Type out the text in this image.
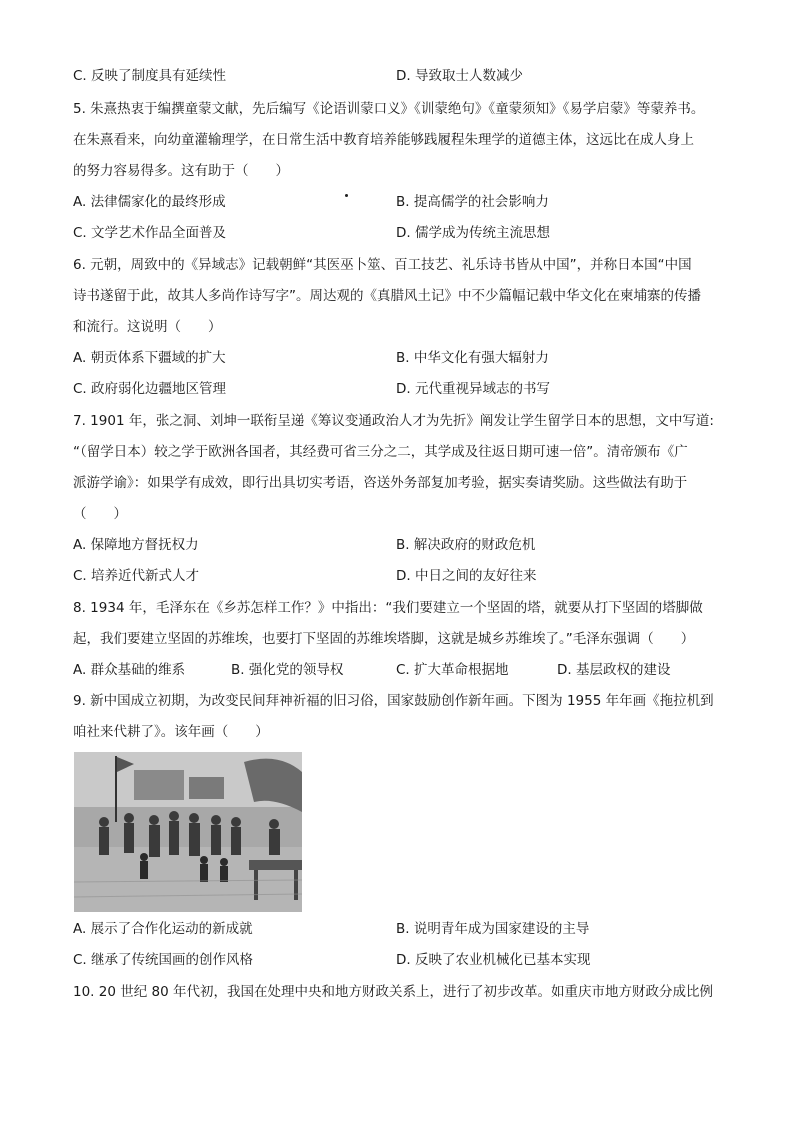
C. 反映了制度具有延续性	D. 导致取士人数减少
5. 朱熹热衷于编撰童蒙文献，先后编写《论语训蒙口义》《训蒙绝句》《童蒙须知》《易学启蒙》等蒙养书。
在朱熹看来，向幼童灌输理学，在日常生活中教育培养能够践履程朱理学的道德主体，这远比在成人身上
的努力容易得多。这有助于（　　）
A. 法律儒家化的最终形成	B. 提高儒学的社会影响力
C. 文学艺术作品全面普及	D. 儒学成为传统主流思想
6. 元朝，周致中的《异域志》记载朝鲜“其医巫卜筮、百工技艺、礼乐诗书皆从中国”，并称日本国“中国
诗书遂留于此，故其人多尚作诗写字”。周达观的《真腊风土记》中不少篇幅记载中华文化在柬埔寨的传播
和流行。这说明（　　）
A. 朝贡体系下疆域的扩大	B. 中华文化有强大辐射力
C. 政府弱化边疆地区管理	D. 元代重视异域志的书写
7. 1901 年，张之洞、刘坤一联衔呈递《筹议变通政治人才为先折》阐发让学生留学日本的思想，文中写道:
“（留学日本）较之学于欧洲各国者，其经费可省三分之二，其学成及往返日期可速一倍”。清帝颁布《广
派游学谕》：如果学有成效，即行出具切实考语，咨送外务部复加考验，据实奏请奖励。这些做法有助于
（　　）
A. 保障地方督抚权力	B. 解决政府的财政危机
C. 培养近代新式人才	D. 中日之间的友好往来
8. 1934 年，毛泽东在《乡苏怎样工作？》中指出：“我们要建立一个坚固的塔，就要从打下坚固的塔脚做
起，我们要建立坚固的苏维埃，也要打下坚固的苏维埃塔脚，这就是城乡苏维埃了。”毛泽东强调（　　）
A. 群众基础的维系	B. 强化党的领导权	C. 扩大革命根据地	D. 基层政权的建设
9. 新中国成立初期，为改变民间拜神祈福的旧习俗，国家鼓励创作新年画。下图为 1955 年年画《拖拉机到
咱社来代耕了》。该年画（　　）
A. 展示了合作化运动的新成就	B. 说明青年成为国家建设的主导
C. 继承了传统国画的创作风格	D. 反映了农业机械化已基本实现
10. 20 世纪 80 年代初，我国在处理中央和地方财政关系上，进行了初步改革。如重庆市地方财政分成比例
